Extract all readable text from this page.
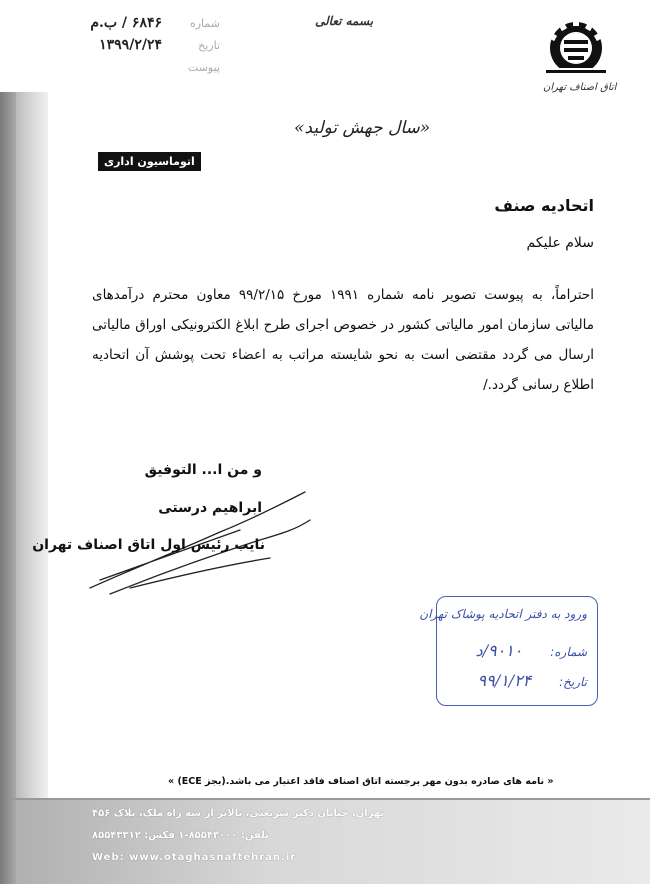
شماره
۶۸۴۶ / ب.م
تاریخ
۱۳۹۹/۲/۲۴
پیوست
بسمه تعالی
اتاق اصناف تهران
«سال جهش تولید»
اتوماسیون اداری
اتحادیه صنف
سلام علیکم
احتراماً، به پیوست تصویر نامه شماره ۱۹۹۱ مورخ ۹۹/۲/۱۵ معاون محترم درآمدهای مالیاتی سازمان امور مالیاتی کشور در خصوص اجرای طرح ابلاغ الکترونیکی اوراق مالیاتی ارسال می گردد مقتضی است به نحو شایسته مراتب به اعضاء تحت پوشش آن اتحادیه اطلاع رسانی گردد./
و من ا... التوفیق
ابراهیم درستی
نایب رئیس اول اتاق اصناف تهران
ورود به دفتر اتحادیه پوشاک تهران
شماره: ۹۰۱۰/د
تاریخ: ۹۹/۱/۲۴
« نامه های صادره بدون مهر برجسته اتاق اصناف فاقد اعتبار می باشد.(بجز ECE) »
تهران، خیابان دکتر شریعتی، بالاتر از سه راه ملک، پلاک ۴۵۶
تلفن: ۸۵۵۴۳۰۰۰-۱ فکس: ۸۵۵۴۳۳۱۲
Web: www.otaghasnaftehran.ir
